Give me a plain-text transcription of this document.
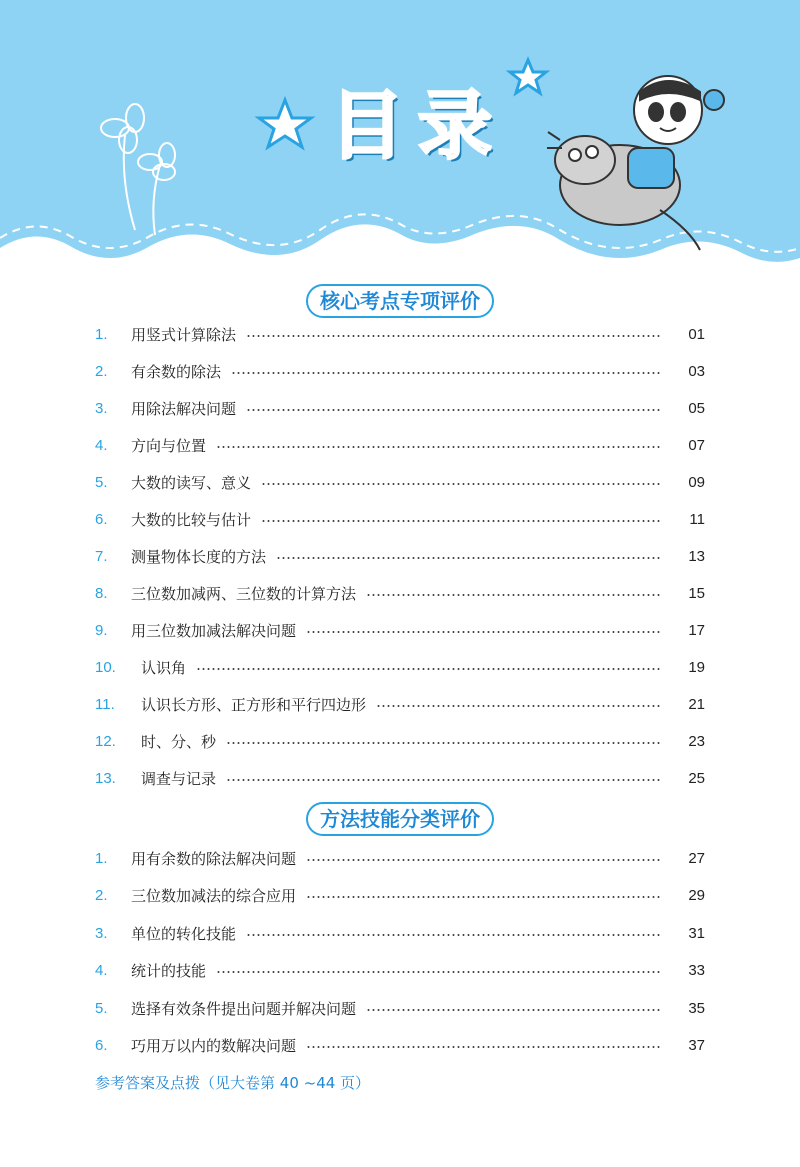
目录
核心考点专项评价
1.	用竖式计算除法	01
2.	有余数的除法	03
3.	用除法解决问题	05
4.	方向与位置	07
5.	大数的读写、意义	09
6.	大数的比较与估计	11
7.	测量物体长度的方法	13
8.	三位数加减两、三位数的计算方法	15
9.	用三位数加减法解决问题	17
10.	认识角	19
11.	认识长方形、正方形和平行四边形	21
12.	时、分、秒	23
13.	调查与记录	25
方法技能分类评价
1.	用有余数的除法解决问题	27
2.	三位数加减法的综合应用	29
3.	单位的转化技能	31
4.	统计的技能	33
5.	选择有效条件提出问题并解决问题	35
6.	巧用万以内的数解决问题	37
参考答案及点拨（见大卷第 40 ~44 页）
